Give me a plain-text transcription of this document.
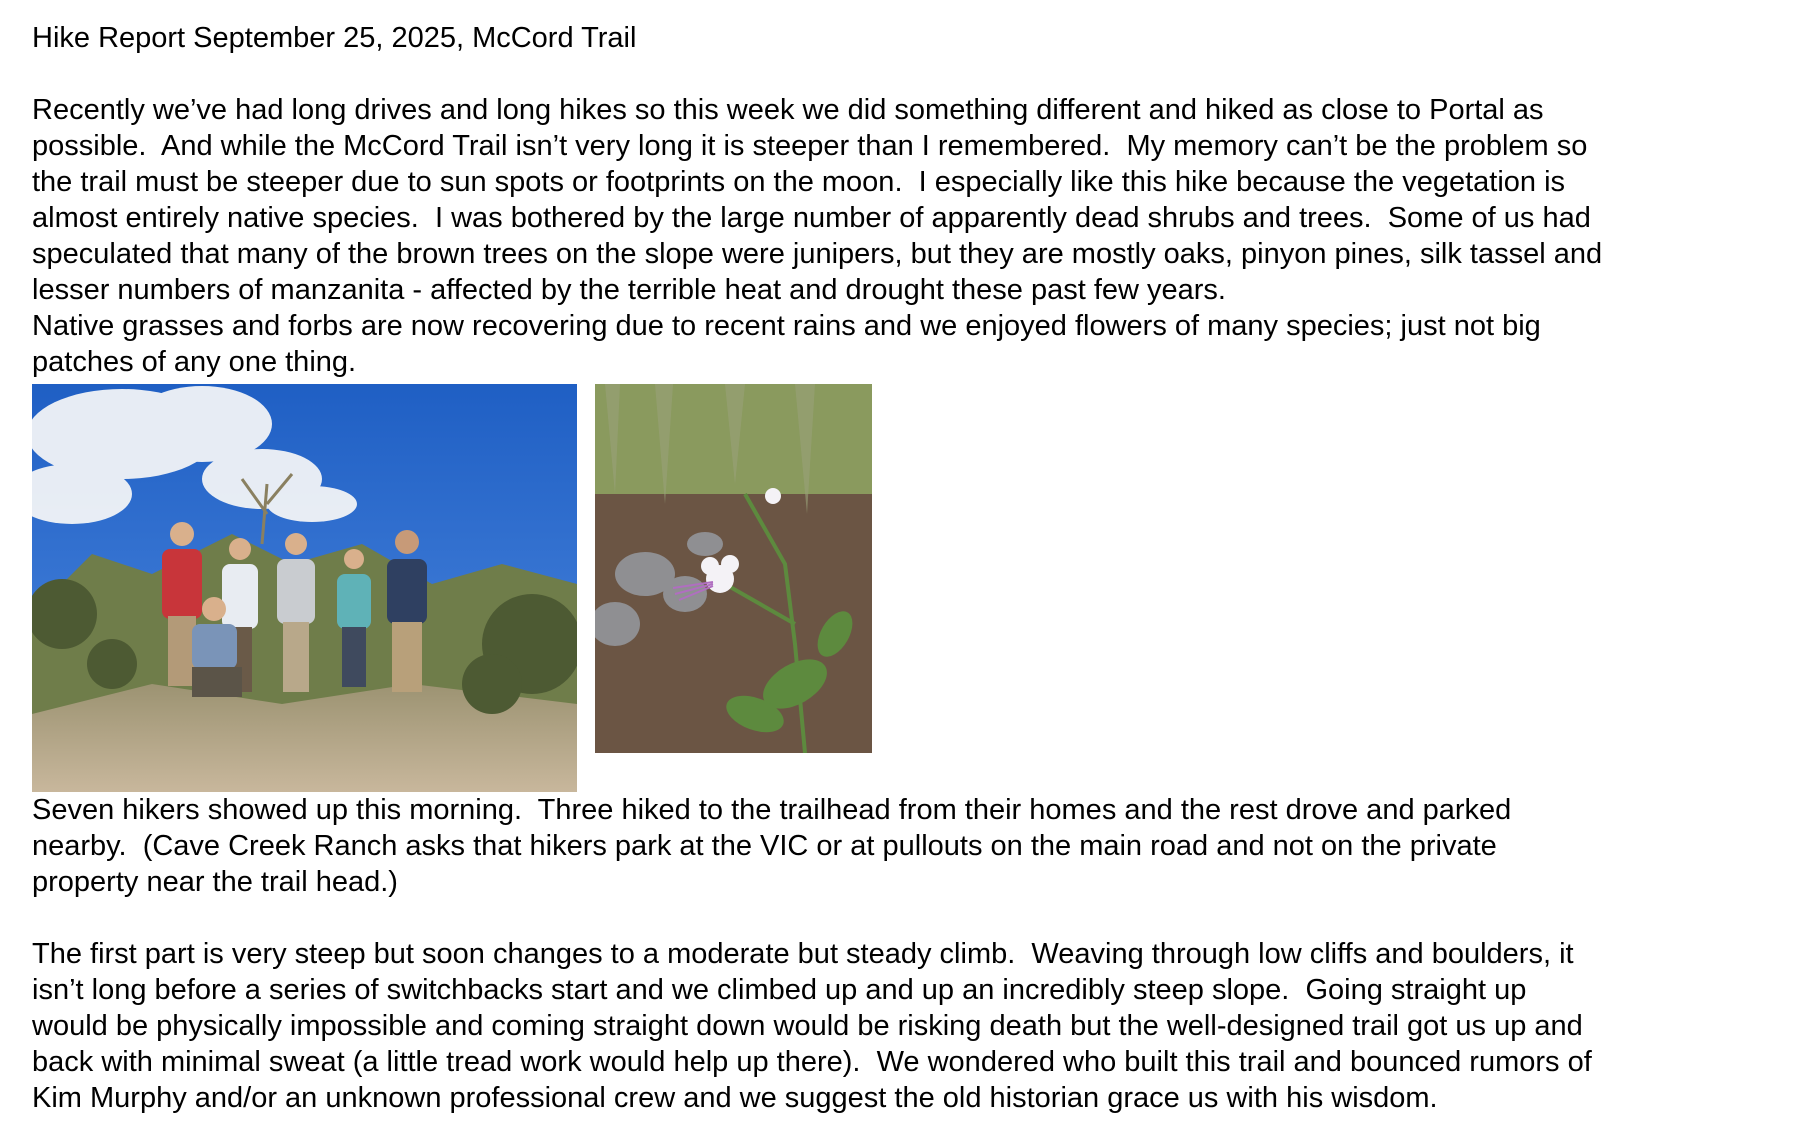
Hike Report September 25, 2025, McCord Trail

Recently we’ve had long drives and long hikes so this week we did something different and hiked as close to Portal as

possible.  And while the McCord Trail isn’t very long it is steeper than I remembered.  My memory can’t be the problem so

the trail must be steeper due to sun spots or footprints on the moon.  I especially like this hike because the vegetation is

almost entirely native species.  I was bothered by the large number of apparently dead shrubs and trees.  Some of us had

speculated that many of the brown trees on the slope were junipers, but they are mostly oaks, pinyon pines, silk tassel and

lesser numbers of manzanita - affected by the terrible heat and drought these past few years.

Native grasses and forbs are now recovering due to recent rains and we enjoyed flowers of many species; just not big

patches of any one thing.

Seven hikers showed up this morning.  Three hiked to the trailhead from their homes and the rest drove and parked

nearby.  (Cave Creek Ranch asks that hikers park at the VIC or at pullouts on the main road and not on the private

property near the trail head.)

The first part is very steep but soon changes to a moderate but steady climb.  Weaving through low cliffs and boulders, it

isn’t long before a series of switchbacks start and we climbed up and up an incredibly steep slope.  Going straight up

would be physically impossible and coming straight down would be risking death but the well-designed trail got us up and

back with minimal sweat (a little tread work would help up there).  We wondered who built this trail and bounced rumors of

Kim Murphy and/or an unknown professional crew and we suggest the old historian grace us with his wisdom.
